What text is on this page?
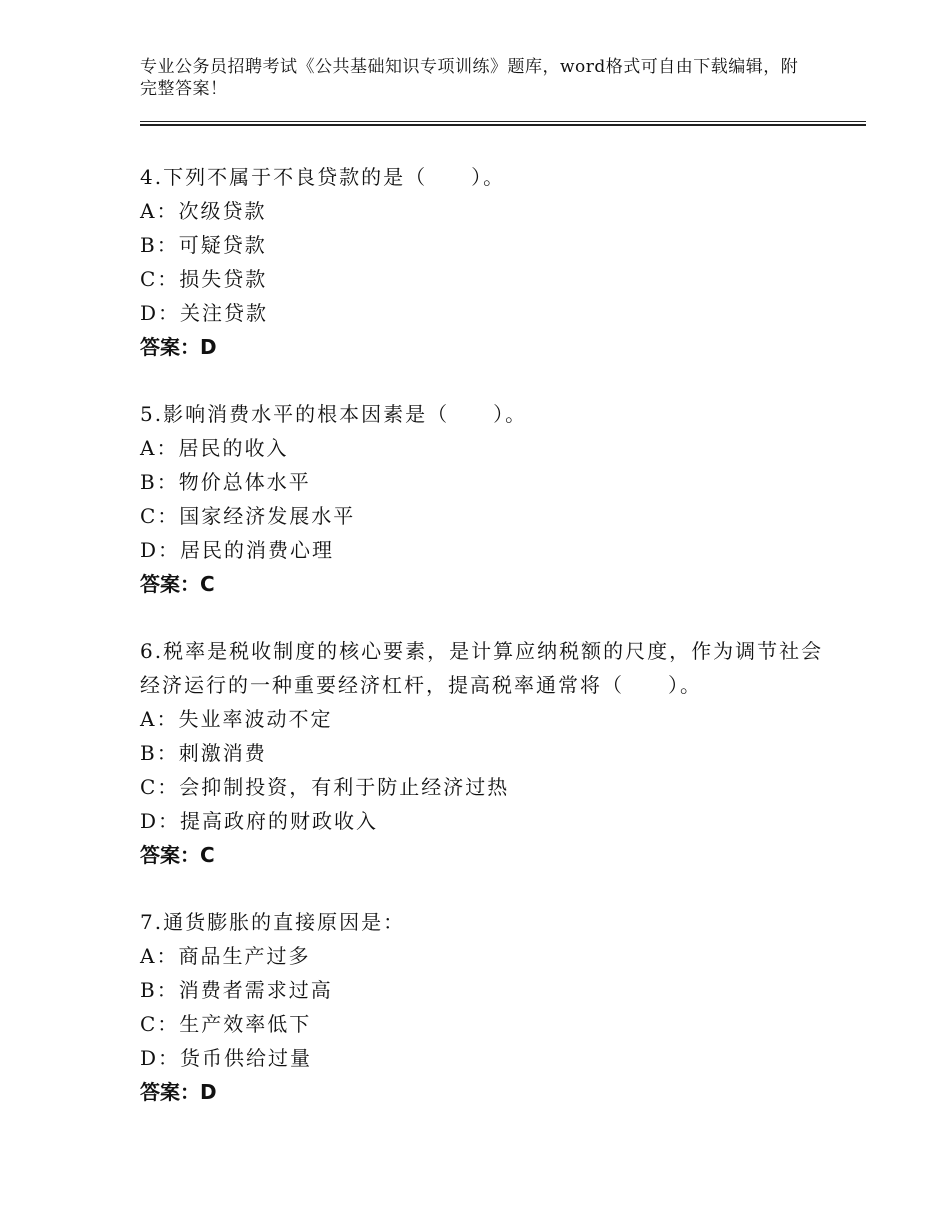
专业公务员招聘考试《公共基础知识专项训练》题库，word格式可自由下载编辑，附完整答案！
4.下列不属于不良贷款的是（　　）。
A：次级贷款
B：可疑贷款
C：损失贷款
D：关注贷款
答案：D
5.影响消费水平的根本因素是（　　）。
A：居民的收入
B：物价总体水平
C：国家经济发展水平
D：居民的消费心理
答案：C
6.税率是税收制度的核心要素，是计算应纳税额的尺度，作为调节社会经济运行的一种重要经济杠杆，提高税率通常将（　　）。
A：失业率波动不定
B：刺激消费
C：会抑制投资，有利于防止经济过热
D：提高政府的财政收入
答案：C
7.通货膨胀的直接原因是：
A：商品生产过多
B：消费者需求过高
C：生产效率低下
D：货币供给过量
答案：D
